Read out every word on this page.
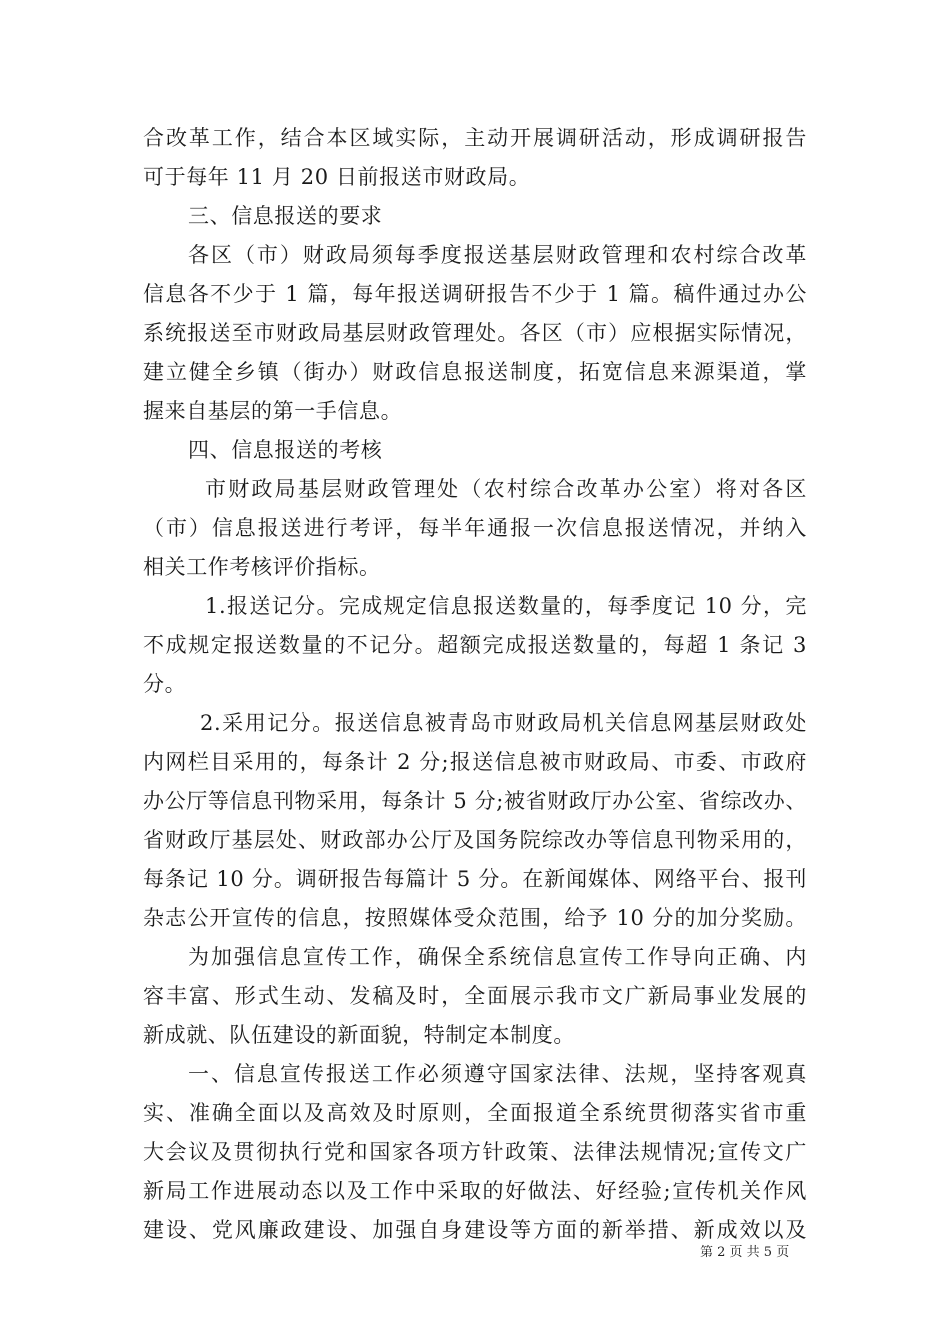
合改革工作，结合本区域实际，主动开展调研活动，形成调研报告
可于每年 11 月 20 日前报送市财政局。
三、信息报送的要求
各区（市）财政局须每季度报送基层财政管理和农村综合改革
信息各不少于 1 篇，每年报送调研报告不少于 1 篇。稿件通过办公
系统报送至市财政局基层财政管理处。各区（市）应根据实际情况，
建立健全乡镇（街办）财政信息报送制度，拓宽信息来源渠道，掌
握来自基层的第一手信息。
四、信息报送的考核
市财政局基层财政管理处（农村综合改革办公室）将对各区
（市）信息报送进行考评，每半年通报一次信息报送情况，并纳入
相关工作考核评价指标。
1.报送记分。完成规定信息报送数量的，每季度记 10 分，完
不成规定报送数量的不记分。超额完成报送数量的，每超 1 条记 3
分。
2.采用记分。报送信息被青岛市财政局机关信息网基层财政处
内网栏目采用的，每条计 2 分;报送信息被市财政局、市委、市政府
办公厅等信息刊物采用，每条计 5 分;被省财政厅办公室、省综改办、
省财政厅基层处、财政部办公厅及国务院综改办等信息刊物采用的，
每条记 10 分。调研报告每篇计 5 分。在新闻媒体、网络平台、报刊
杂志公开宣传的信息，按照媒体受众范围，给予 10 分的加分奖励。
为加强信息宣传工作，确保全系统信息宣传工作导向正确、内
容丰富、形式生动、发稿及时，全面展示我市文广新局事业发展的
新成就、队伍建设的新面貌，特制定本制度。
一、信息宣传报送工作必须遵守国家法律、法规，坚持客观真
实、准确全面以及高效及时原则，全面报道全系统贯彻落实省市重
大会议及贯彻执行党和国家各项方针政策、法律法规情况;宣传文广
新局工作进展动态以及工作中采取的好做法、好经验;宣传机关作风
建设、党风廉政建设、加强自身建设等方面的新举措、新成效以及
第 2 页 共 5 页
